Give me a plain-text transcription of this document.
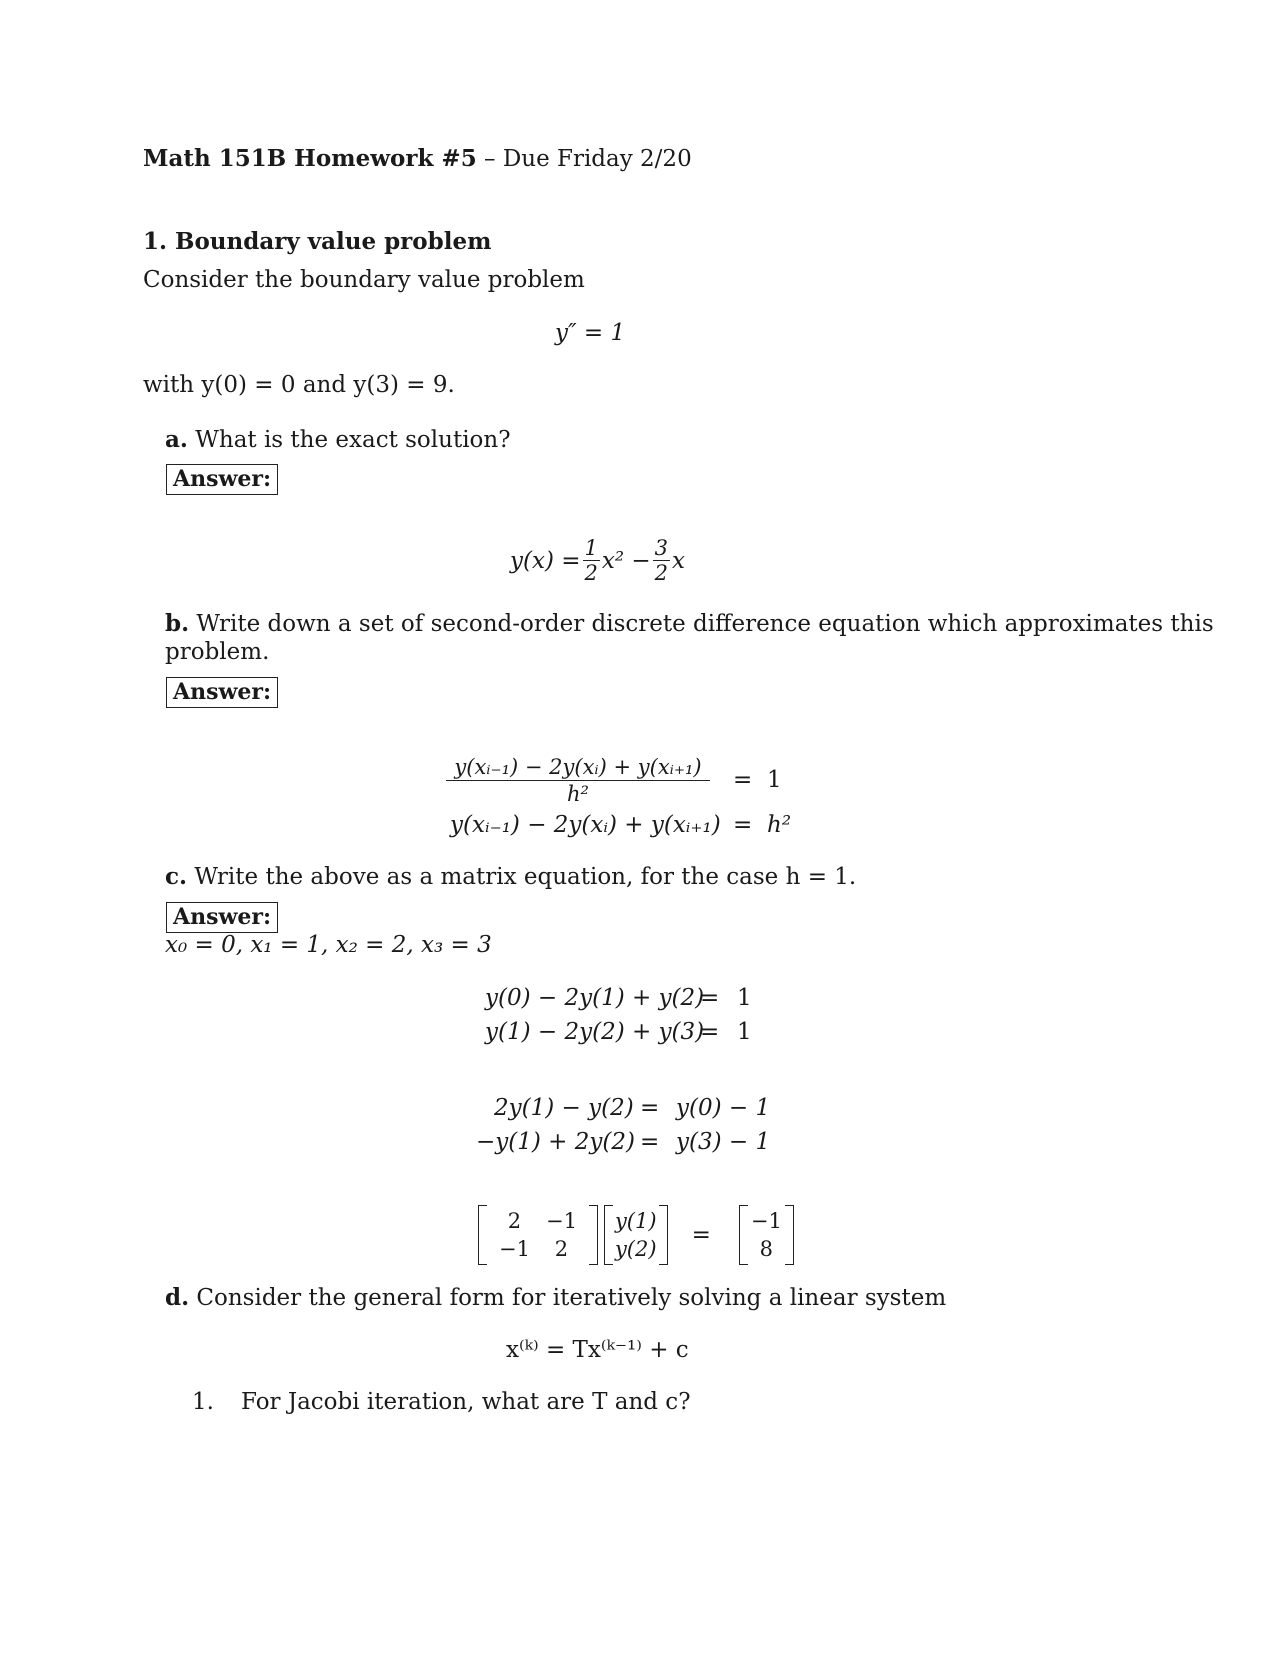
Math 151B Homework #5 – Due Friday 2/20
1. Boundary value problem
Consider the boundary value problem
y″ = 1
with y(0) = 0 and y(3) = 9.
a. What is the exact solution?
Answer:
$y(x) = \frac{1}{2} x^2 - \frac{3}{2}$ x
b. Write down a set of second-order discrete difference equation which approximates this
problem.
Answer:
y(xᵢ₋₁) − 2y(xᵢ) + y(xᵢ₊₁)
h²
= 1
y(xᵢ₋₁) − 2y(xᵢ) + y(xᵢ₊₁) = h²
c. Write the above as a matrix equation, for the case h = 1.
Answer:
x₀ = 0, x₁ = 1, x₂ = 2, x₃ = 3
y(0) − 2y(1) + y(2)
= 1
y(1) − 2y(2) + y(3)
= 1
2y(1) − y(2) = y(0) − 1
−y(1) + 2y(2) = y(3) − 1
2	−1
−1	2
y(1)
y(2)
=
−1
8
d. Consider the general form for iteratively solving a linear system
x⁽ᵏ⁾ = Tx⁽ᵏ⁻¹⁾ + c
1. For Jacobi iteration, what are T and c?
